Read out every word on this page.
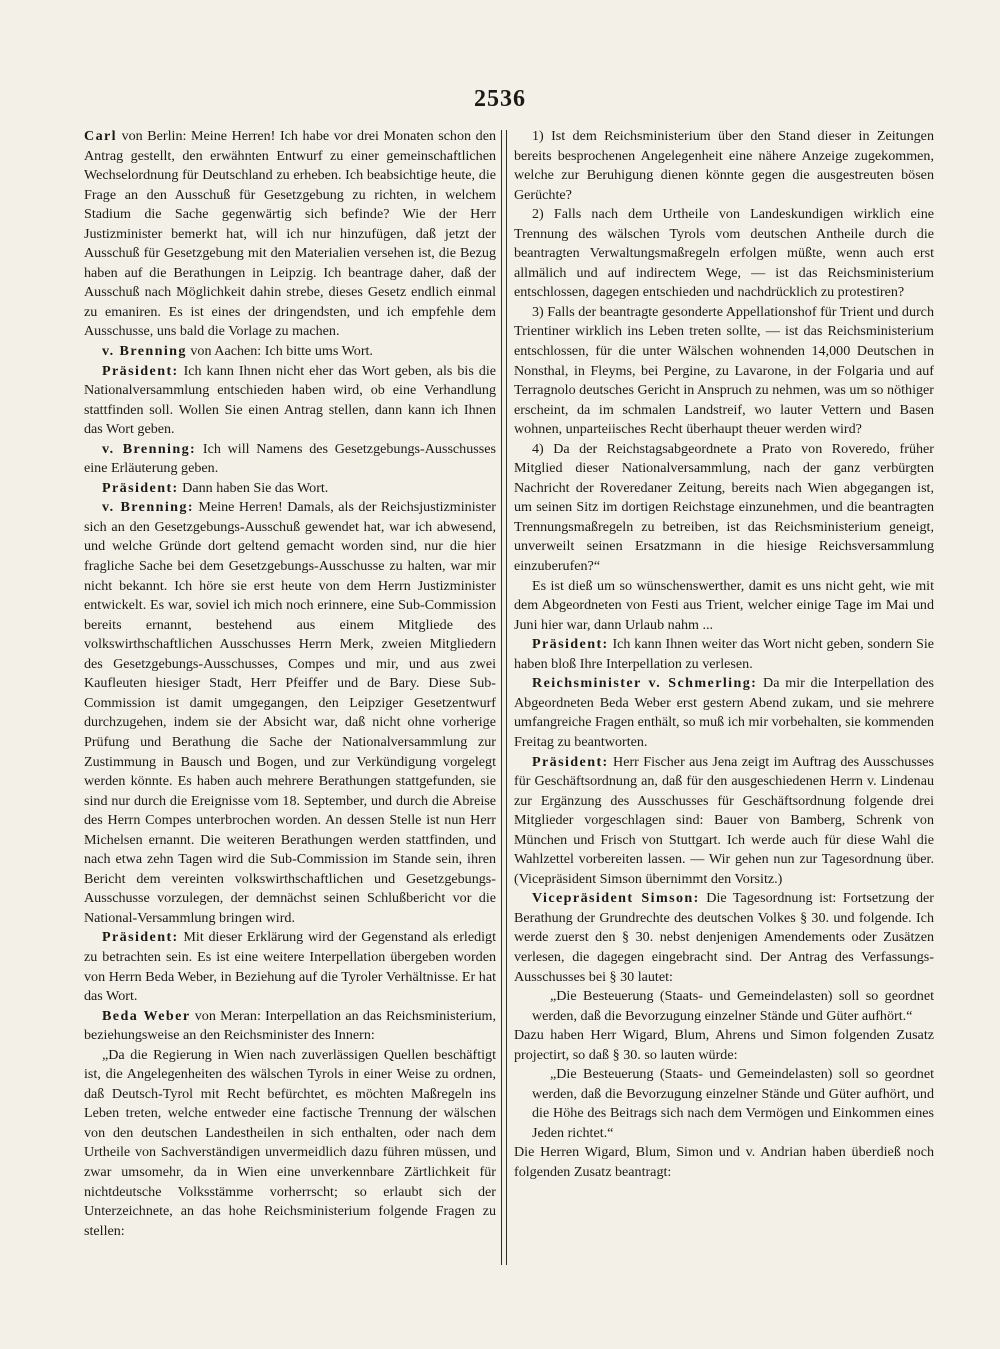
2536

Carl von Berlin: Meine Herren! Ich habe vor drei Monaten schon den Antrag gestellt, den erwähnten Entwurf zu einer gemeinschaftlichen Wechselordnung für Deutschland zu erheben. Ich beabsichtige heute, die Frage an den Ausschuß für Gesetzgebung zu richten, in welchem Stadium die Sache gegenwärtig sich befinde? Wie der Herr Justizminister bemerkt hat, will ich nur hinzufügen, daß jetzt der Ausschuß für Gesetzgebung mit den Materialien versehen ist, die Bezug haben auf die Berathungen in Leipzig. Ich beantrage daher, daß der Ausschuß nach Möglichkeit dahin strebe, dieses Gesetz endlich einmal zu emaniren. Es ist eines der dringendsten, und ich empfehle dem Ausschusse, uns bald die Vorlage zu machen.

v. Brenning von Aachen: Ich bitte ums Wort.

Präsident: Ich kann Ihnen nicht eher das Wort geben, als bis die Nationalversammlung entschieden haben wird, ob eine Verhandlung stattfinden soll. Wollen Sie einen Antrag stellen, dann kann ich Ihnen das Wort geben.

v. Brenning: Ich will Namens des Gesetzgebungs-Ausschusses eine Erläuterung geben.

Präsident: Dann haben Sie das Wort.

v. Brenning: Meine Herren! Damals, als der Reichsjustizminister sich an den Gesetzgebungs-Ausschuß gewendet hat, war ich abwesend, und welche Gründe dort geltend gemacht worden sind, nur die hier fragliche Sache bei dem Gesetzgebungs-Ausschusse zu halten, war mir nicht bekannt. Ich höre sie erst heute von dem Herrn Justizminister entwickelt. Es war, soviel ich mich noch erinnere, eine Sub-Commission bereits ernannt, bestehend aus einem Mitgliede des volkswirthschaftlichen Ausschusses Herrn Merk, zweien Mitgliedern des Gesetzgebungs-Ausschusses, Compes und mir, und aus zwei Kaufleuten hiesiger Stadt, Herr Pfeiffer und de Bary. Diese Sub-Commission ist damit umgegangen, den Leipziger Gesetzentwurf durchzugehen, indem sie der Absicht war, daß nicht ohne vorherige Prüfung und Berathung die Sache der Nationalversammlung zur Zustimmung in Bausch und Bogen, und zur Verkündigung vorgelegt werden könnte. Es haben auch mehrere Berathungen stattgefunden, sie sind nur durch die Ereignisse vom 18. September, und durch die Abreise des Herrn Compes unterbrochen worden. An dessen Stelle ist nun Herr Michelsen ernannt. Die weiteren Berathungen werden stattfinden, und nach etwa zehn Tagen wird die Sub-Commission im Stande sein, ihren Bericht dem vereinten volkswirthschaftlichen und Gesetzgebungs-Ausschusse vorzulegen, der demnächst seinen Schlußbericht vor die National-Versammlung bringen wird.

Präsident: Mit dieser Erklärung wird der Gegenstand als erledigt zu betrachten sein. Es ist eine weitere Interpellation übergeben worden von Herrn Beda Weber, in Beziehung auf die Tyroler Verhältnisse. Er hat das Wort.

Beda Weber von Meran: Interpellation an das Reichsministerium, beziehungsweise an den Reichsminister des Innern:

„Da die Regierung in Wien nach zuverlässigen Quellen beschäftigt ist, die Angelegenheiten des wälschen Tyrols in einer Weise zu ordnen, daß Deutsch-Tyrol mit Recht befürchtet, es möchten Maßregeln ins Leben treten, welche entweder eine factische Trennung der wälschen von den deutschen Landestheilen in sich enthalten, oder nach dem Urtheile von Sachverständigen unvermeidlich dazu führen müssen, und zwar umsomehr, da in Wien eine unverkennbare Zärtlichkeit für nichtdeutsche Volksstämme vorherrscht; so erlaubt sich der Unterzeichnete, an das hohe Reichsministerium folgende Fragen zu stellen:

1) Ist dem Reichsministerium über den Stand dieser in Zeitungen bereits besprochenen Angelegenheit eine nähere Anzeige zugekommen, welche zur Beruhigung dienen könnte gegen die ausgestreuten bösen Gerüchte?

2) Falls nach dem Urtheile von Landeskundigen wirklich eine Trennung des wälschen Tyrols vom deutschen Antheile durch die beantragten Verwaltungsmaßregeln erfolgen müßte, wenn auch erst allmälich und auf indirectem Wege, — ist das Reichsministerium entschlossen, dagegen entschieden und nachdrücklich zu protestiren?

3) Falls der beantragte gesonderte Appellationshof für Trient und durch Trientiner wirklich ins Leben treten sollte, — ist das Reichsministerium entschlossen, für die unter Wälschen wohnenden 14,000 Deutschen in Nonsthal, in Fleyms, bei Pergine, zu Lavarone, in der Folgaria und auf Terragnolo deutsches Gericht in Anspruch zu nehmen, was um so nöthiger erscheint, da im schmalen Landstreif, wo lauter Vettern und Basen wohnen, unparteiisches Recht überhaupt theuer werden wird?

4) Da der Reichstagsabgeordnete a Prato von Roveredo, früher Mitglied dieser Nationalversammlung, nach der ganz verbürgten Nachricht der Roveredaner Zeitung, bereits nach Wien abgegangen ist, um seinen Sitz im dortigen Reichstage einzunehmen, und die beantragten Trennungsmaßregeln zu betreiben, ist das Reichsministerium geneigt, unverweilt seinen Ersatzmann in die hiesige Reichsversammlung einzuberufen?“

Es ist dieß um so wünschenswerther, damit es uns nicht geht, wie mit dem Abgeordneten von Festi aus Trient, welcher einige Tage im Mai und Juni hier war, dann Urlaub nahm ...

Präsident: Ich kann Ihnen weiter das Wort nicht geben, sondern Sie haben bloß Ihre Interpellation zu verlesen.

Reichsminister v. Schmerling: Da mir die Interpellation des Abgeordneten Beda Weber erst gestern Abend zukam, und sie mehrere umfangreiche Fragen enthält, so muß ich mir vorbehalten, sie kommenden Freitag zu beantworten.

Präsident: Herr Fischer aus Jena zeigt im Auftrag des Ausschusses für Geschäftsordnung an, daß für den ausgeschiedenen Herrn v. Lindenau zur Ergänzung des Ausschusses für Geschäftsordnung folgende drei Mitglieder vorgeschlagen sind: Bauer von Bamberg, Schrenk von München und Frisch von Stuttgart. Ich werde auch für diese Wahl die Wahlzettel vorbereiten lassen. — Wir gehen nun zur Tagesordnung über. (Vicepräsident Simson übernimmt den Vorsitz.)

Vicepräsident Simson: Die Tagesordnung ist: Fortsetzung der Berathung der Grundrechte des deutschen Volkes § 30. und folgende. Ich werde zuerst den § 30. nebst denjenigen Amendements oder Zusätzen verlesen, die dagegen eingebracht sind. Der Antrag des Verfassungs-Ausschusses bei § 30 lautet:

„Die Besteuerung (Staats- und Gemeindelasten) soll so geordnet werden, daß die Bevorzugung einzelner Stände und Güter aufhört.“

Dazu haben Herr Wigard, Blum, Ahrens und Simon folgenden Zusatz projectirt, so daß § 30. so lauten würde:

„Die Besteuerung (Staats- und Gemeindelasten) soll so geordnet werden, daß die Bevorzugung einzelner Stände und Güter aufhört, und die Höhe des Beitrags sich nach dem Vermögen und Einkommen eines Jeden richtet.“

Die Herren Wigard, Blum, Simon und v. Andrian haben überdieß noch folgenden Zusatz beantragt:
